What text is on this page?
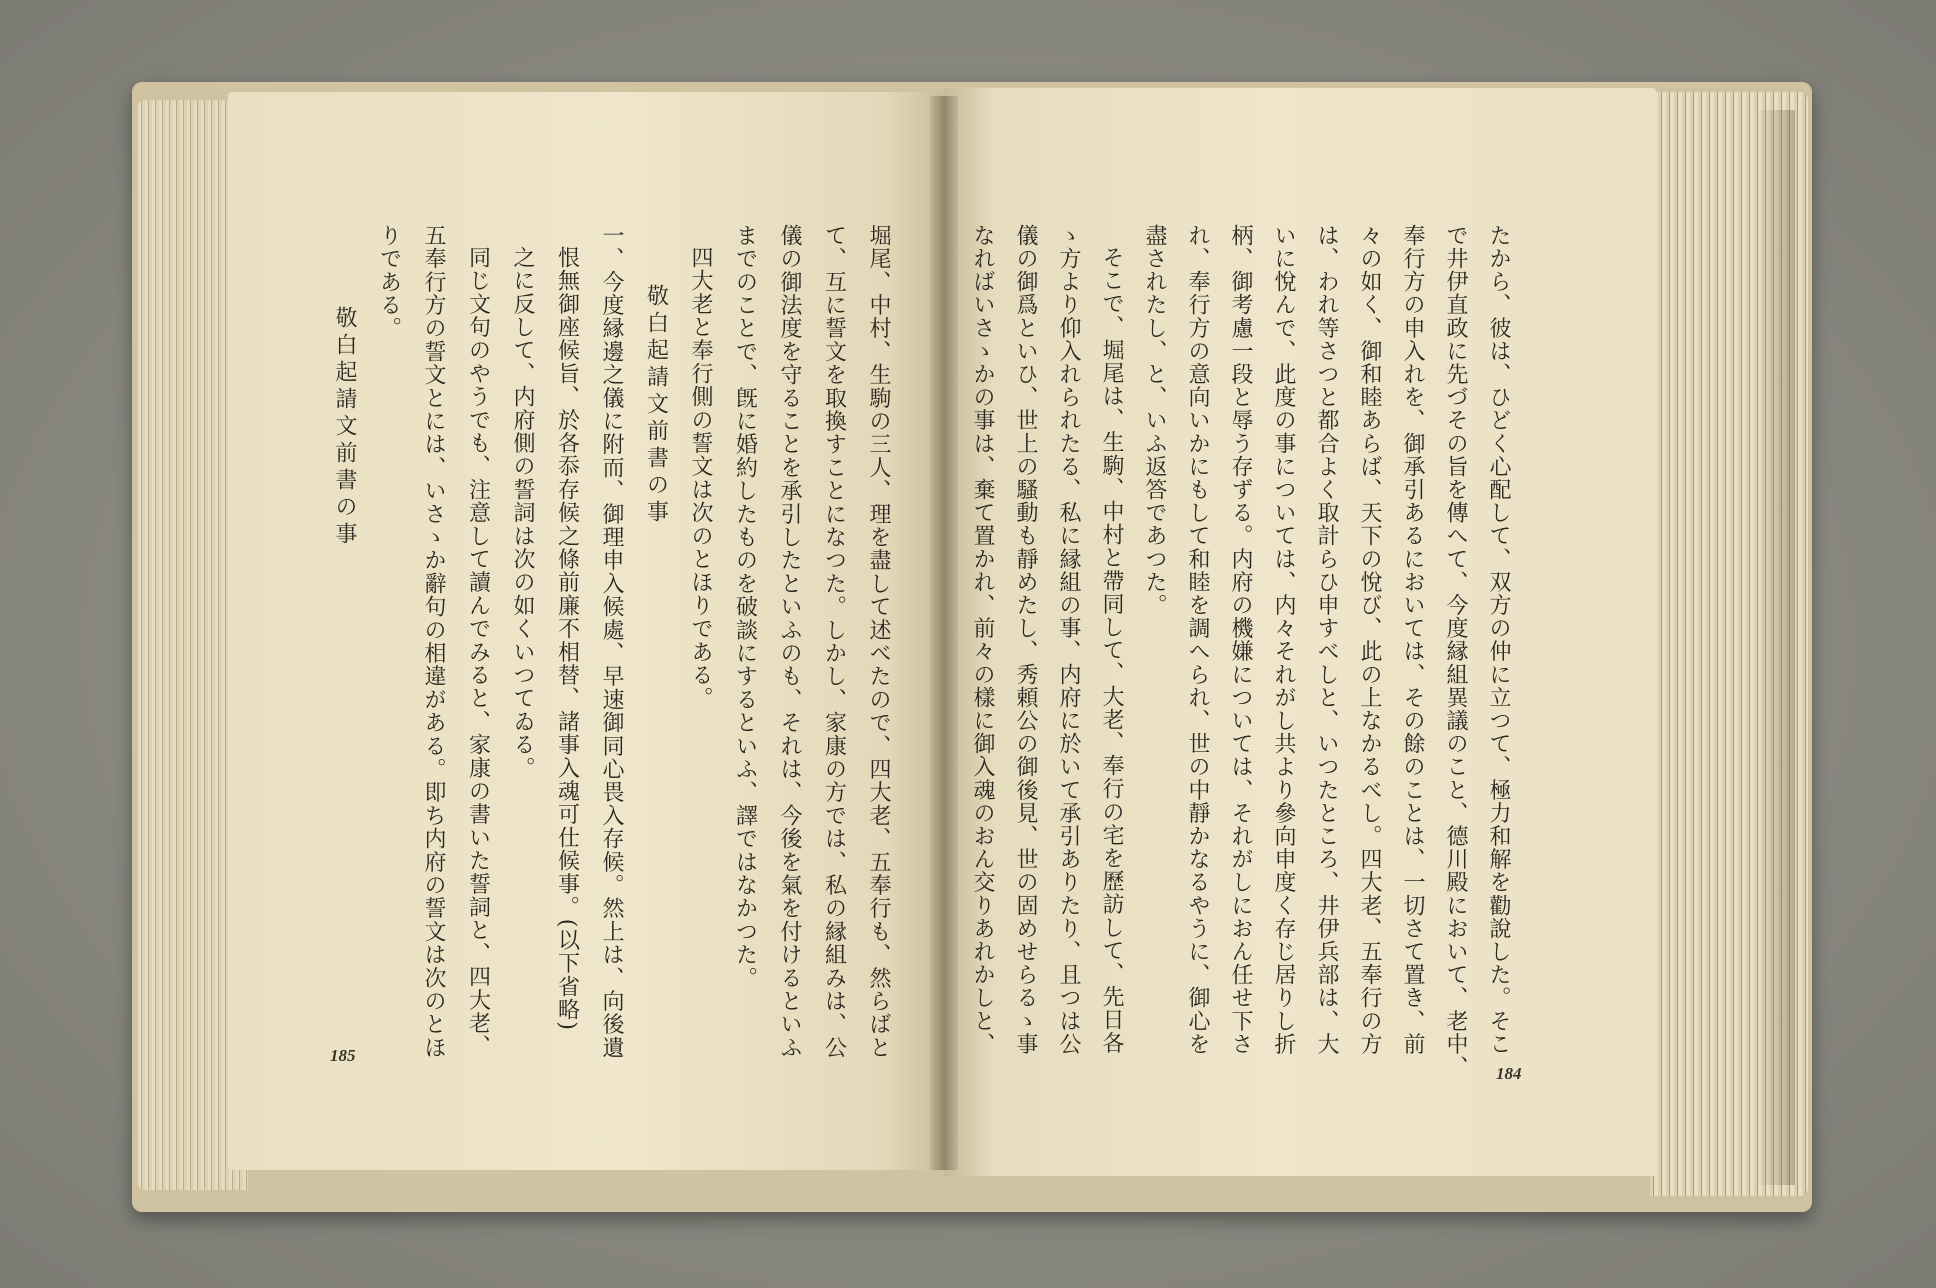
堀尾、中村、生駒の三人、理を盡して述べたので、四大老、五奉行も、然らばと
て、互に誓文を取換すことになつた。しかし、家康の方では、私の縁組みは、公
儀の御法度を守ることを承引したといふのも、それは、今後を氣を付けるといふ
までのことで、旣に婚約したものを破談にするといふ、譯ではなかつた。
四大老と奉行側の誓文は次のとほりである。
敬白起請文前書の事
一、今度縁邊之儀に附而、御理申入候處、早速御同心畏入存候。然上は、向後遺
恨無御座候旨、於各忝存候之條前廉不相替、諸事入魂可仕候事。(以下省略)
之に反して、内府側の誓詞は次の如くいつてゐる。
同じ文句のやうでも、注意して讀んでみると、家康の書いた誓詞と、四大老、
五奉行方の誓文とには、いさゝか辭句の相違がある。即ち内府の誓文は次のとほ
りである。
敬白起請文前書の事
185	たから、彼は、ひどく心配して、双方の仲に立つて、極力和解を勸說した。そこ
で井伊直政に先づその旨を傳へて、今度縁組異議のこと、德川殿において、老中、
奉行方の申入れを、御承引あるにおいては、その餘のことは、一切さて置き、前
々の如く、御和睦あらば、天下の悅び、此の上なかるべし。四大老、五奉行の方
は、われ等さつと都合よく取計らひ申すべしと、いつたところ、井伊兵部は、大
いに悅んで、此度の事については、内々それがし共より參向申度く存じ居りし折
柄、御考慮一段と辱う存ずる。内府の機嫌については、それがしにおん任せ下さ
れ、奉行方の意向いかにもして和睦を調へられ、世の中靜かなるやうに、御心を
盡されたし、と、いふ返答であつた。
そこで、堀尾は、生駒、中村と帶同して、大老、奉行の宅を歷訪して、先日各
ゝ方より仰入れられたる、私に縁組の事、内府に於いて承引ありたり、且つは公
儀の御爲といひ、世上の騷動も靜めたし、秀頼公の御後見、世の固めせらるゝ事
なればいさゝかの事は、棄て置かれ、前々の樣に御入魂のおん交りあれかしと、
184
